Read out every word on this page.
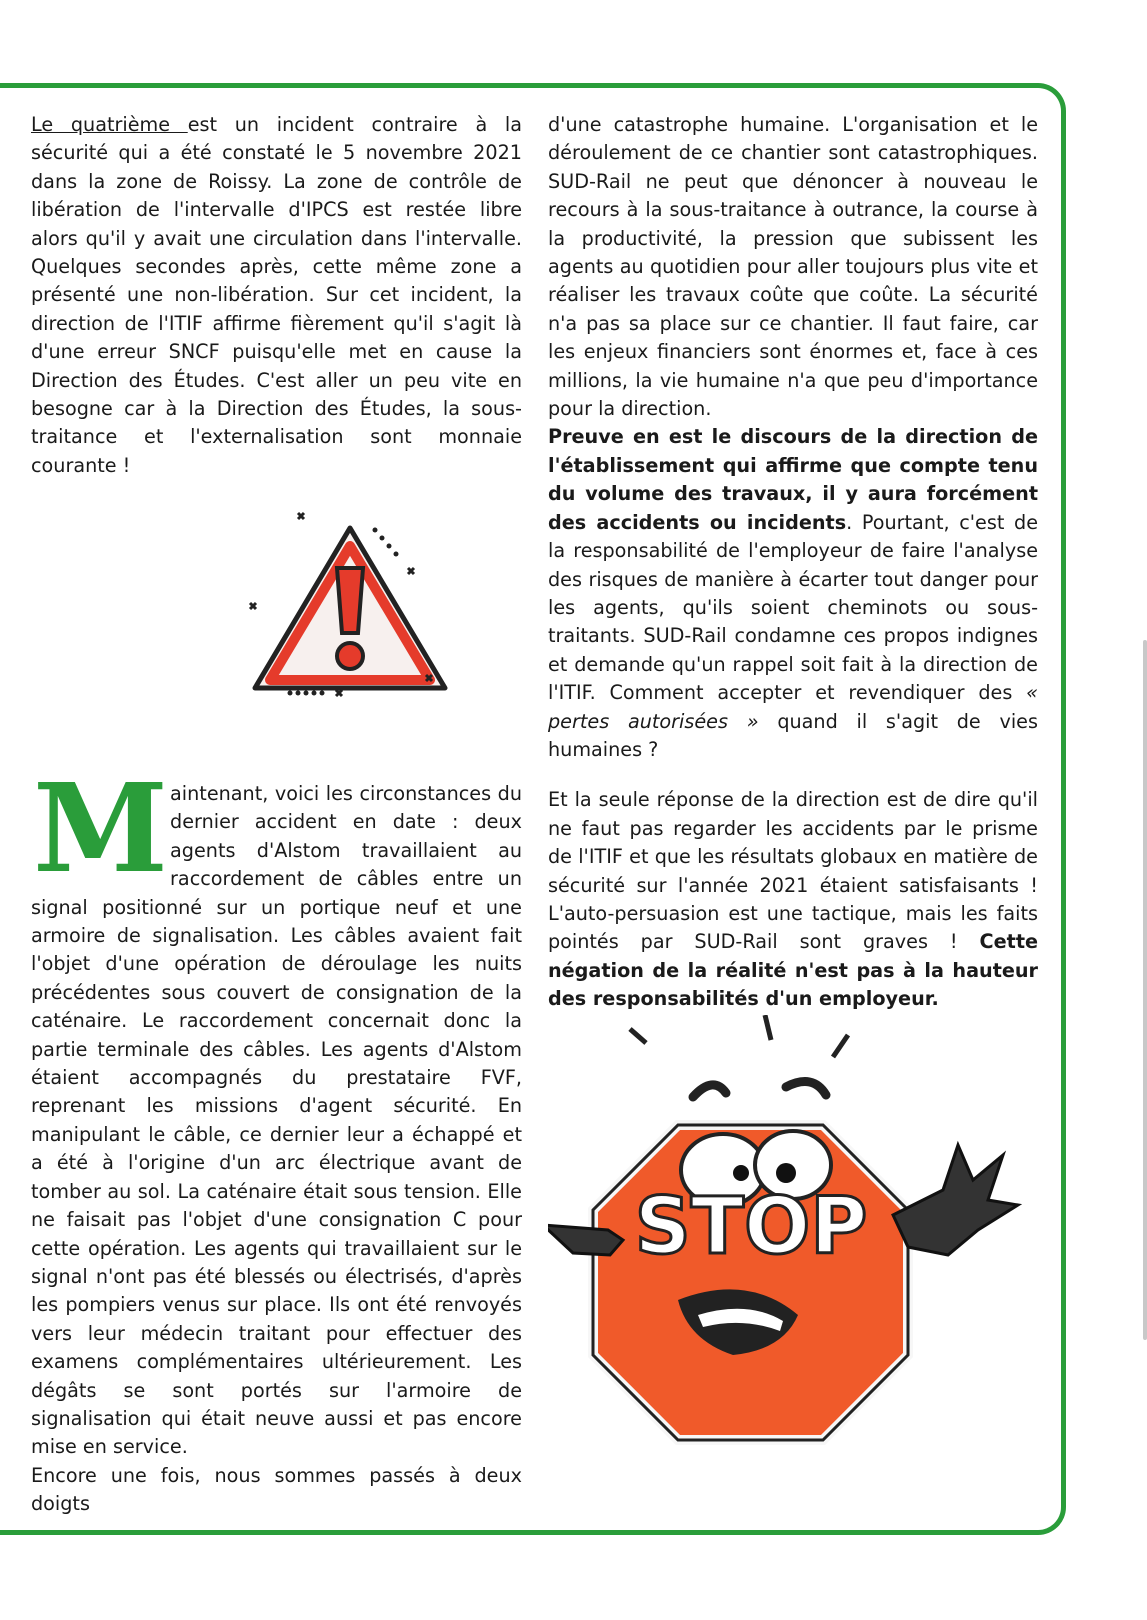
Le quatrième est un incident contraire à la sécurité qui a été constaté le 5 novembre 2021 dans la zone de Roissy. La zone de contrôle de libération de l'intervalle d'IPCS est restée libre alors qu'il y avait une circulation dans l'intervalle. Quelques secondes après, cette même zone a présenté une non-libération. Sur cet incident, la direction de l'ITIF affirme fièrement qu'il s'agit là d'une erreur SNCF puisqu'elle met en cause la Direction des Études. C'est aller un peu vite en besogne car à la Direction des Études, la sous-traitance et l'externalisation sont monnaie courante !

Maintenant, voici les circonstances du dernier accident en date : deux agents d'Alstom travaillaient au raccordement de câbles entre un signal positionné sur un portique neuf et une armoire de signalisation. Les câbles avaient fait l'objet d'une opération de déroulage les nuits précédentes sous couvert de consignation de la caténaire. Le raccordement concernait donc la partie terminale des câbles. Les agents d'Alstom étaient accompagnés du prestataire FVF, reprenant les missions d'agent sécurité. En manipulant le câble, ce dernier leur a échappé et a été à l'origine d'un arc électrique avant de tomber au sol. La caténaire était sous tension. Elle ne faisait pas l'objet d'une consignation C pour cette opération. Les agents qui travaillaient sur le signal n'ont pas été blessés ou électrisés, d'après les pompiers venus sur place. Ils ont été renvoyés vers leur médecin traitant pour effectuer des examens complémentaires ultérieurement. Les dégâts se sont portés sur l'armoire de signalisation qui était neuve aussi et pas encore mise en service.

Encore une fois, nous sommes passés à deux doigts

d'une catastrophe humaine. L'organisation et le déroulement de ce chantier sont catastrophiques. SUD-Rail ne peut que dénoncer à nouveau le recours à la sous-traitance à outrance, la course à la productivité, la pression que subissent les agents au quotidien pour aller toujours plus vite et réaliser les travaux coûte que coûte. La sécurité n'a pas sa place sur ce chantier. Il faut faire, car les enjeux financiers sont énormes et, face à ces millions, la vie humaine n'a que peu d'importance pour la direction.

Preuve en est le discours de la direction de l'établissement qui affirme que compte tenu du volume des travaux, il y aura forcément des accidents ou incidents. Pourtant, c'est de la responsabilité de l'employeur de faire l'analyse des risques de manière à écarter tout danger pour les agents, qu'ils soient cheminots ou sous-traitants. SUD-Rail condamne ces propos indignes et demande qu'un rappel soit fait à la direction de l'ITIF. Comment accepter et revendiquer des « pertes autorisées » quand il s'agit de vies humaines ?

Et la seule réponse de la direction est de dire qu'il ne faut pas regarder les accidents par le prisme de l'ITIF et que les résultats globaux en matière de sécurité sur l'année 2021 étaient satisfaisants ! L'auto-persuasion est une tactique, mais les faits pointés par SUD-Rail sont graves ! Cette négation de la réalité n'est pas à la hauteur des responsabilités d'un employeur.

STOP
